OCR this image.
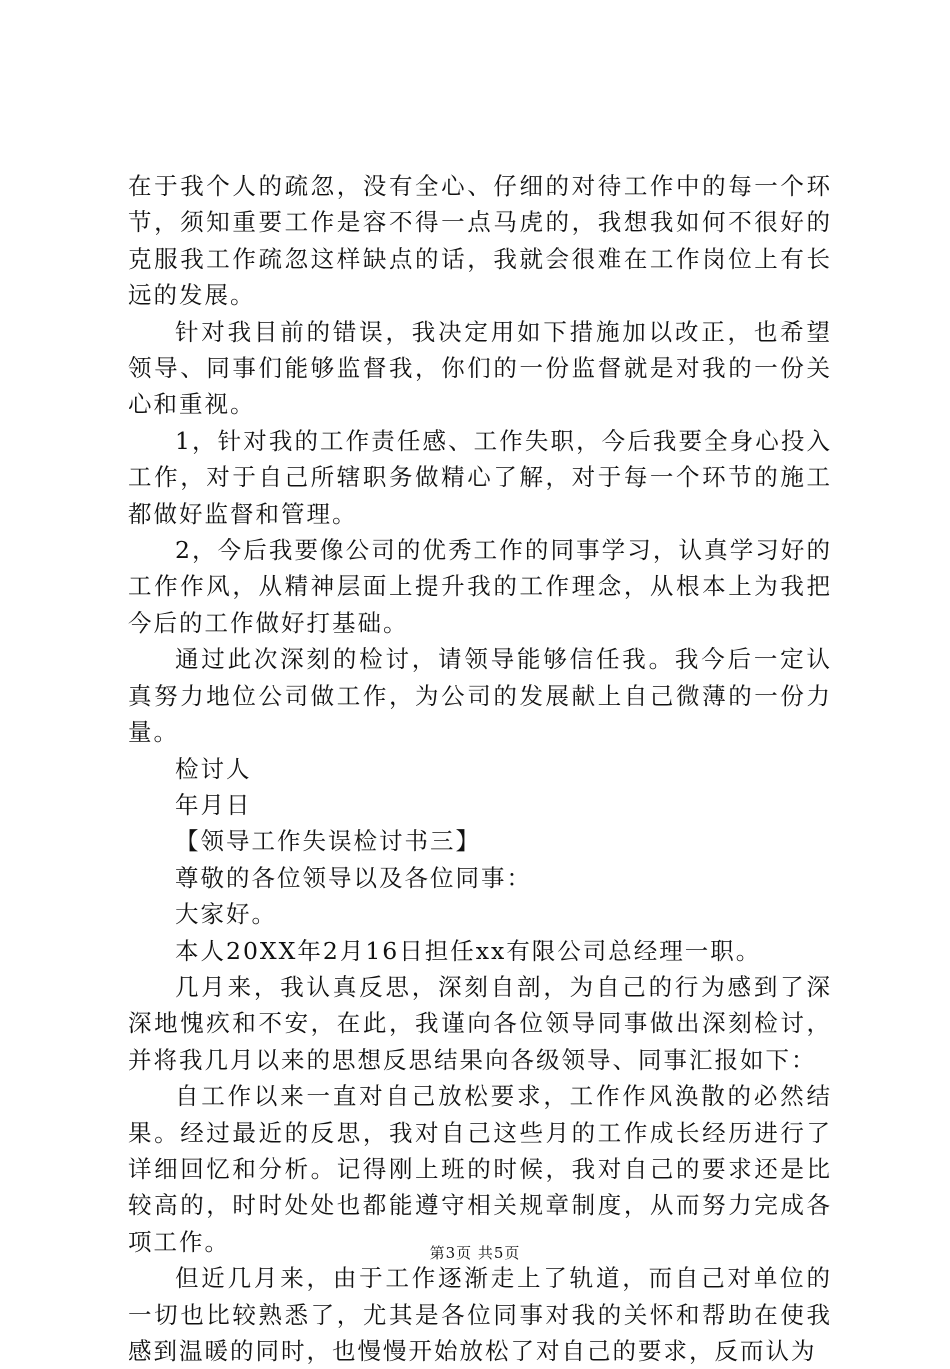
在于我个人的疏忽，没有全心、仔细的对待工作中的每一个环节，须知重要工作是容不得一点马虎的，我想我如何不很好的克服我工作疏忽这样缺点的话，我就会很难在工作岗位上有长远的发展。

针对我目前的错误，我决定用如下措施加以改正，也希望领导、同事们能够监督我，你们的一份监督就是对我的一份关心和重视。

1，针对我的工作责任感、工作失职，今后我要全身心投入工作，对于自己所辖职务做精心了解，对于每一个环节的施工都做好监督和管理。

2，今后我要像公司的优秀工作的同事学习，认真学习好的工作作风，从精神层面上提升我的工作理念，从根本上为我把今后的工作做好打基础。

通过此次深刻的检讨，请领导能够信任我。我今后一定认真努力地位公司做工作，为公司的发展献上自己微薄的一份力量。

检讨人

年月日

【领导工作失误检讨书三】

尊敬的各位领导以及各位同事：

大家好。

本人20XX年2月16日担任xx有限公司总经理一职。

几月来，我认真反思，深刻自剖，为自己的行为感到了深深地愧疚和不安，在此，我谨向各位领导同事做出深刻检讨，并将我几月以来的思想反思结果向各级领导、同事汇报如下：

自工作以来一直对自己放松要求，工作作风涣散的必然结果。经过最近的反思，我对自己这些月的工作成长经历进行了详细回忆和分析。记得刚上班的时候，我对自己的要求还是比较高的，时时处处也都能遵守相关规章制度，从而努力完成各项工作。

但近几月来，由于工作逐渐走上了轨道，而自己对单位的一切也比较熟悉了，尤其是各位同事对我的关怀和帮助在使我感到温暖的同时，也慢慢开始放松了对自己的要求，反而认为

第3页 共5页
